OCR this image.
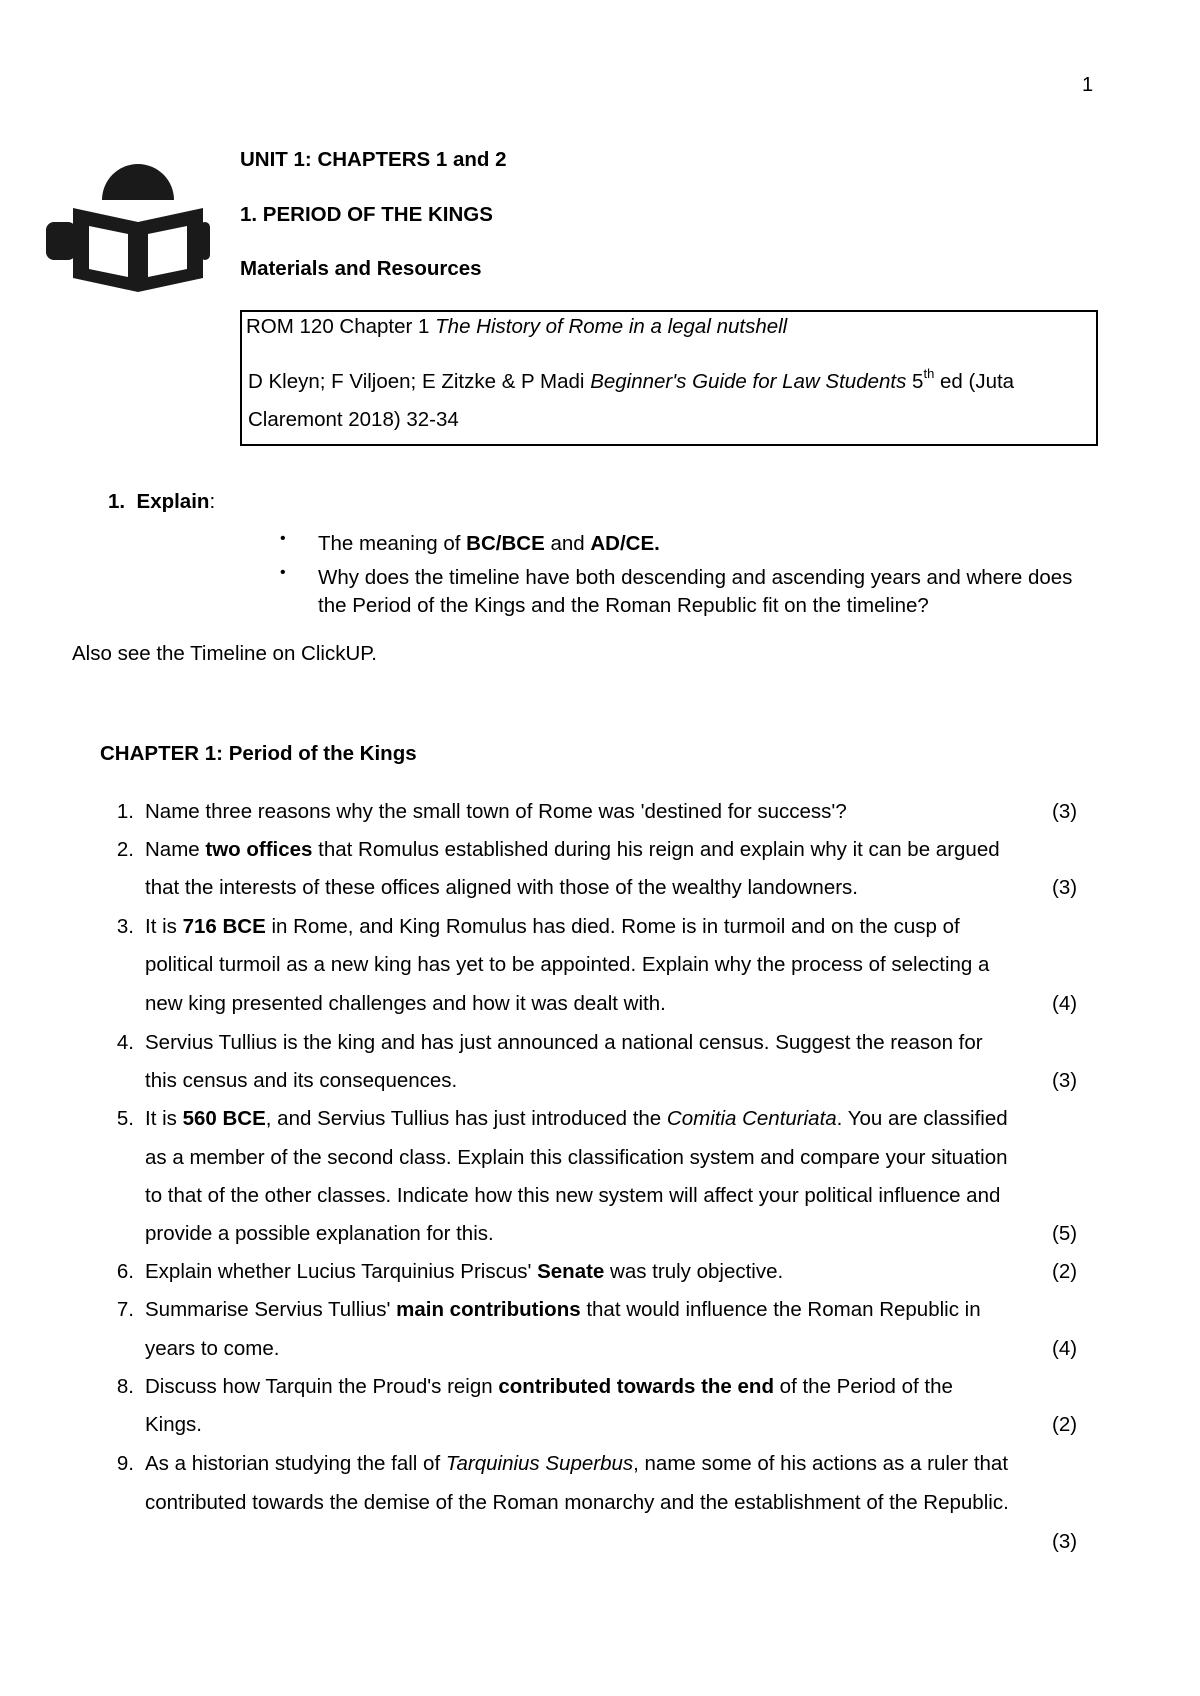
1
UNIT 1: CHAPTERS 1 and 2
1. PERIOD OF THE KINGS
Materials and Resources
ROM 120 Chapter 1 The History of Rome in a legal nutshell
D Kleyn; F Viljoen; E Zitzke & P Madi Beginner's Guide for Law Students 5th ed (Juta
Claremont 2018) 32-34
1. Explain:
• The meaning of BC/BCE and AD/CE.
• Why does the timeline have both descending and ascending years and where does the Period of the Kings and the Roman Republic fit on the timeline?
Also see the Timeline on ClickUP.
CHAPTER 1: Period of the Kings
1. Name three reasons why the small town of Rome was 'destined for success'?	(3)
2. Name two offices that Romulus established during his reign and explain why it can be argued
that the interests of these offices aligned with those of the wealthy landowners.	(3)
3. It is 716 BCE in Rome, and King Romulus has died. Rome is in turmoil and on the cusp of
political turmoil as a new king has yet to be appointed. Explain why the process of selecting a
new king presented challenges and how it was dealt with.	(4)
4. Servius Tullius is the king and has just announced a national census. Suggest the reason for
this census and its consequences.	(3)
5. It is 560 BCE, and Servius Tullius has just introduced the Comitia Centuriata. You are classified
as a member of the second class. Explain this classification system and compare your situation
to that of the other classes. Indicate how this new system will affect your political influence and
provide a possible explanation for this.	(5)
6. Explain whether Lucius Tarquinius Priscus' Senate was truly objective.	(2)
7. Summarise Servius Tullius' main contributions that would influence the Roman Republic in
years to come.	(4)
8. Discuss how Tarquin the Proud's reign contributed towards the end of the Period of the
Kings.	(2)
9. As a historian studying the fall of Tarquinius Superbus, name some of his actions as a ruler that
contributed towards the demise of the Roman monarchy and the establishment of the Republic.
(3)
